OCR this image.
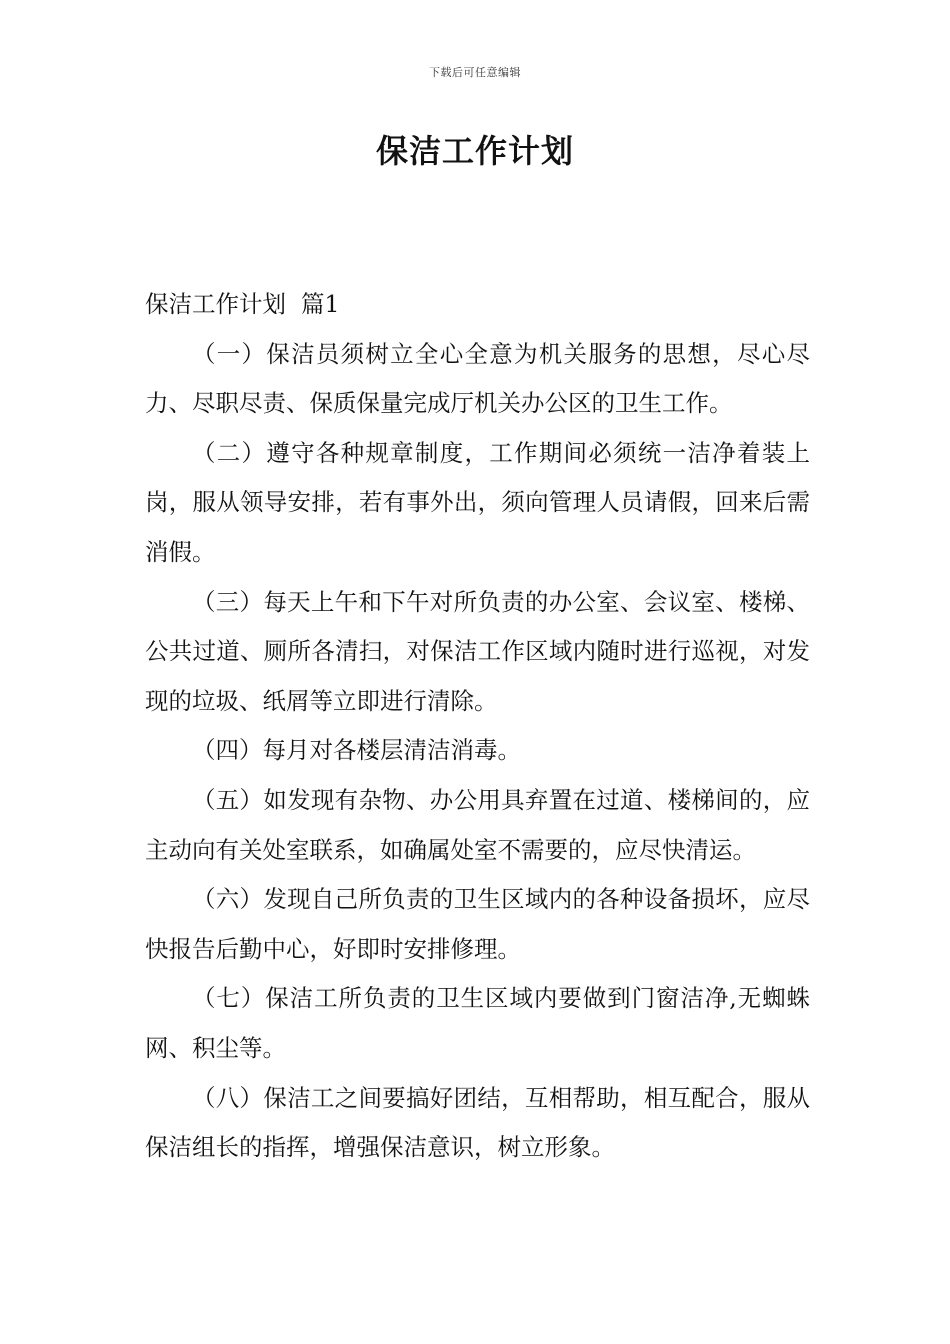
下载后可任意编辑
保洁工作计划

保洁工作计划  篇1

（一）保洁员须树立全心全意为机关服务的思想，尽心尽力、尽职尽责、保质保量完成厅机关办公区的卫生工作。

（二）遵守各种规章制度，工作期间必须统一洁净着装上岗，服从领导安排，若有事外出，须向管理人员请假，回来后需消假。

（三）每天上午和下午对所负责的办公室、会议室、楼梯、公共过道、厕所各清扫，对保洁工作区域内随时进行巡视，对发现的垃圾、纸屑等立即进行清除。

（四）每月对各楼层清洁消毒。

（五）如发现有杂物、办公用具弃置在过道、楼梯间的，应主动向有关处室联系，如确属处室不需要的，应尽快清运。

（六）发现自己所负责的卫生区域内的各种设备损坏，应尽快报告后勤中心，好即时安排修理。

（七）保洁工所负责的卫生区域内要做到门窗洁净,无蜘蛛网、积尘等。

（八）保洁工之间要搞好团结，互相帮助，相互配合，服从保洁组长的指挥，增强保洁意识，树立形象。
